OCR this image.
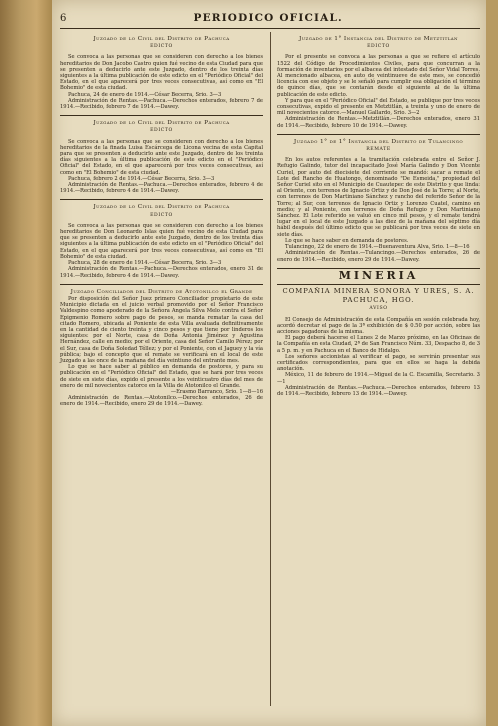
6	PERIODICO OFICIAL.
Juzgado de lo Civil del Distrito de Pachuca
EDICTO

Se convoca a las personas que se consideren con derecho a los bienes hereditarios de Don Jacobo Castro quien fué vecino de esta Ciudad para que se presenten a deducirlo ante este Juzgado, dentro de los treinta días siguientes a la última publicación de este edicto en el "Periódico Oficial" del Estado, en el que aparecerá por tres veces consecutivas, así como en "El Bohemio" de esta ciudad.

Pachuca, 24 de enero de 1914.—César Becerra, Srio. 3—3

Administración de Rentas.—Pachuca.—Derechos enterados, febrero 7 de 1914.—Recibido, febrero 7 de 1914.—Dawey.

Juzgado de lo Civil del Distrito de Pachuca
EDICTO

Se convoca a las personas que se consideren con derecho a los bienes hereditarios de la finada Luisa Escárcega de Licona vecina de esta Capital para que se presenten a deducirlo ante este Juzgado, dentro de los treinta días siguientes a la última publicación de este edicto en el "Periódico Oficial" del Estado, en el que aparecerá por tres veces consecutivas, así como en "El Bohemio" de esta ciudad.

Pachuca, febrero 2 de 1914.—César Becerra, Srio. 3—3

Administración de Rentas.—Pachuca.—Derechos enterados, febrero 4 de 1914.—Recibido, febrero 4 de 1914.—Dawey.

Juzgado de lo Civil del Distrito de Pachuca
EDICTO

Se convoca a las personas que se consideren con derecho a los bienes hereditarios de Don Leonardo Islas quien fué vecino de esta Ciudad para que se presenten a deducirlo ante este Juzgado, dentro de los treinta días siguientes a la última publicación de este edicto en el "Periódico Oficial" del Estado, en el que aparecerá por tres veces consecutivas, así como en "El Bohemio" de esta ciudad.

Pachuca, 28 de enero de 1914.—César Becerra, Srio. 3—3

Administración de Rentas.—Pachuca.—Derechos enterados, enero 31 de 1914.—Recibido, febrero 4 de 1914.—Dawey.

Juzgado Conciliador del Distrito de Atotonilco el Grande

Por disposición del Señor Juez primero Conciliador propietario de este Municipio dictada en el juicio verbal promovido por el Señor Francisco Valdespino como apoderado de la Señora Angela Silva Melo contra el Señor Epigmenio Romero sobre pago de pesos, se manda rematar la casa del citado Romero, ubicada al Poniente de esta Villa avaluada definitivamente en la cantidad de ciento treinta y cinco pesos y que tiene por linderos los siguientes: por el Norte, casa de Doña Antonia Jiménez y Agustina Hernández, calle en medio; por el Oriente, casa del Señor Camilo Pérez; por el Sur, casa de Doña Soledad Téllez; y por el Poniente, con el Jaguey y la vía pública; bajo el concepto que el remate se verificará en el local de este Juzgado a las once de la mañana del día veintiuno del entrante mes.

Lo que se hace saber al público en demanda de postores, y para su publicación en el "Periódico Oficial" del Estado, que se hará por tres veces de siete en siete días, expido el presente a los veinticuatro días del mes de enero de mil novecientos catorce en la Villa de Atotonilco el Grande.

—Erasmo Barranco, Srio. 1—8—16

Administración de Rentas.—Atotonilco.—Derechos enterados, 26 de enero de 1914.—Recibido, enero 29 de 1914.—Dawey.

Juzgado de 1° Instancia del Distrito de Metztitlan
EDICTO

Por el presente se convoca a las personas a que se refiere el artículo 1522 del Código de Procedimientos Civiles, para que concurran a la formación de inventarios por el albacea del intestado del Señor Vidal Torres. Al mencionado albacea, en auto de veintinueve de este mes, se concedió licencia con ese objeto y se le señaló para cumplir esa obligación el término de quince días, que se contarán desde el siguiente al de la última publicación de este edicto.

Y para que en el "Periódico Oficial" del Estado, se publique por tres veces consecutivas, expido el presente en Metztitlán, a treinta y uno de enero de mil novecientos catorce.—Manuel Gallardo, Srio. 3—2

Administración de Rentas.—Metztitlán.—Derechos enterados, enero 31 de 1914.—Recibido, febrero 10 de 1914.—Dawey.

Juzgado 1° de 1° Instancia del Distrito de Tulancingo
REMATE

En los autos referentes a la tramitación celebrada entre el Señor J. Refugio Galindo, tutor del incapacitado José María Galindo y Don Vicente Curiel, por auto del diecisiete del corriente se mandó: sacar a remate el Lote del Rancho de Huatongo, denominado "De Esmeida," propiedad del Señor Curiel sito en el Municipio de Cuautepec de este Distrito y que linda: al Oriente, con terrenos de Ignacio Ortiz y de Don José de la Torre; al Norte, con terrenos de Don Martiniano Sánchez y rancho del referido Señor de la Torre; al Sur, con terrenos de Ignacio Ortiz y Lorenzo Cuatel, camino en medio; y al Poniente, con terrenos de Doña Refugio y Don Martiniano Sánchez. El Lote referido se valuó en cinco mil pesos, y el remate tendrá lugar en el local de este Juzgado a las diez de la mañana del séptimo día hábil después del último edicto que se publicará por tres veces de siete en siete días.

Lo que se hace saber en demanda de postores.

Tulancingo, 22 de enero de 1914.—Buenaventura Alva, Srio. 1—8—16

Administración de Rentas.—Tulancingo.—Derechos enterados, 26 de enero de 1914.—Recibido, enero 29 de 1914.—Dawey.

MINERIA
COMPAÑIA MINERA SONORA Y URES, S. A.
PACHUCA, HGO.
AVISO

El Consejo de Administración de esta Compañía en sesión celebrada hoy, acordó decretar el pago de la 3ª exhibición de $ 0.50 por acción, sobre las acciones pagadoras de la misma.

El pago deberá hacerse el Lunes 2 de Marzo próximo, en las Oficinas de la Compañía en esta Ciudad, 2ª de San Francisco Núm. 33, Despacho 8, de 3 a 5 p. m. y en Pachuca en el Banco de Hidalgo.

Los señores accionistas al verificar el pago, se servirán presentar sus certificados correspondientes, para que en ellos se haga la debida anotación.

México, 11 de febrero de 1914.—Miguel de la C. Escamilla, Secretario. 3—1

Administración de Rentas.—Pachuca.—Derechos enterados, febrero 13 de 1914.—Recibido, febrero 13 de 1914.—Dawey.
